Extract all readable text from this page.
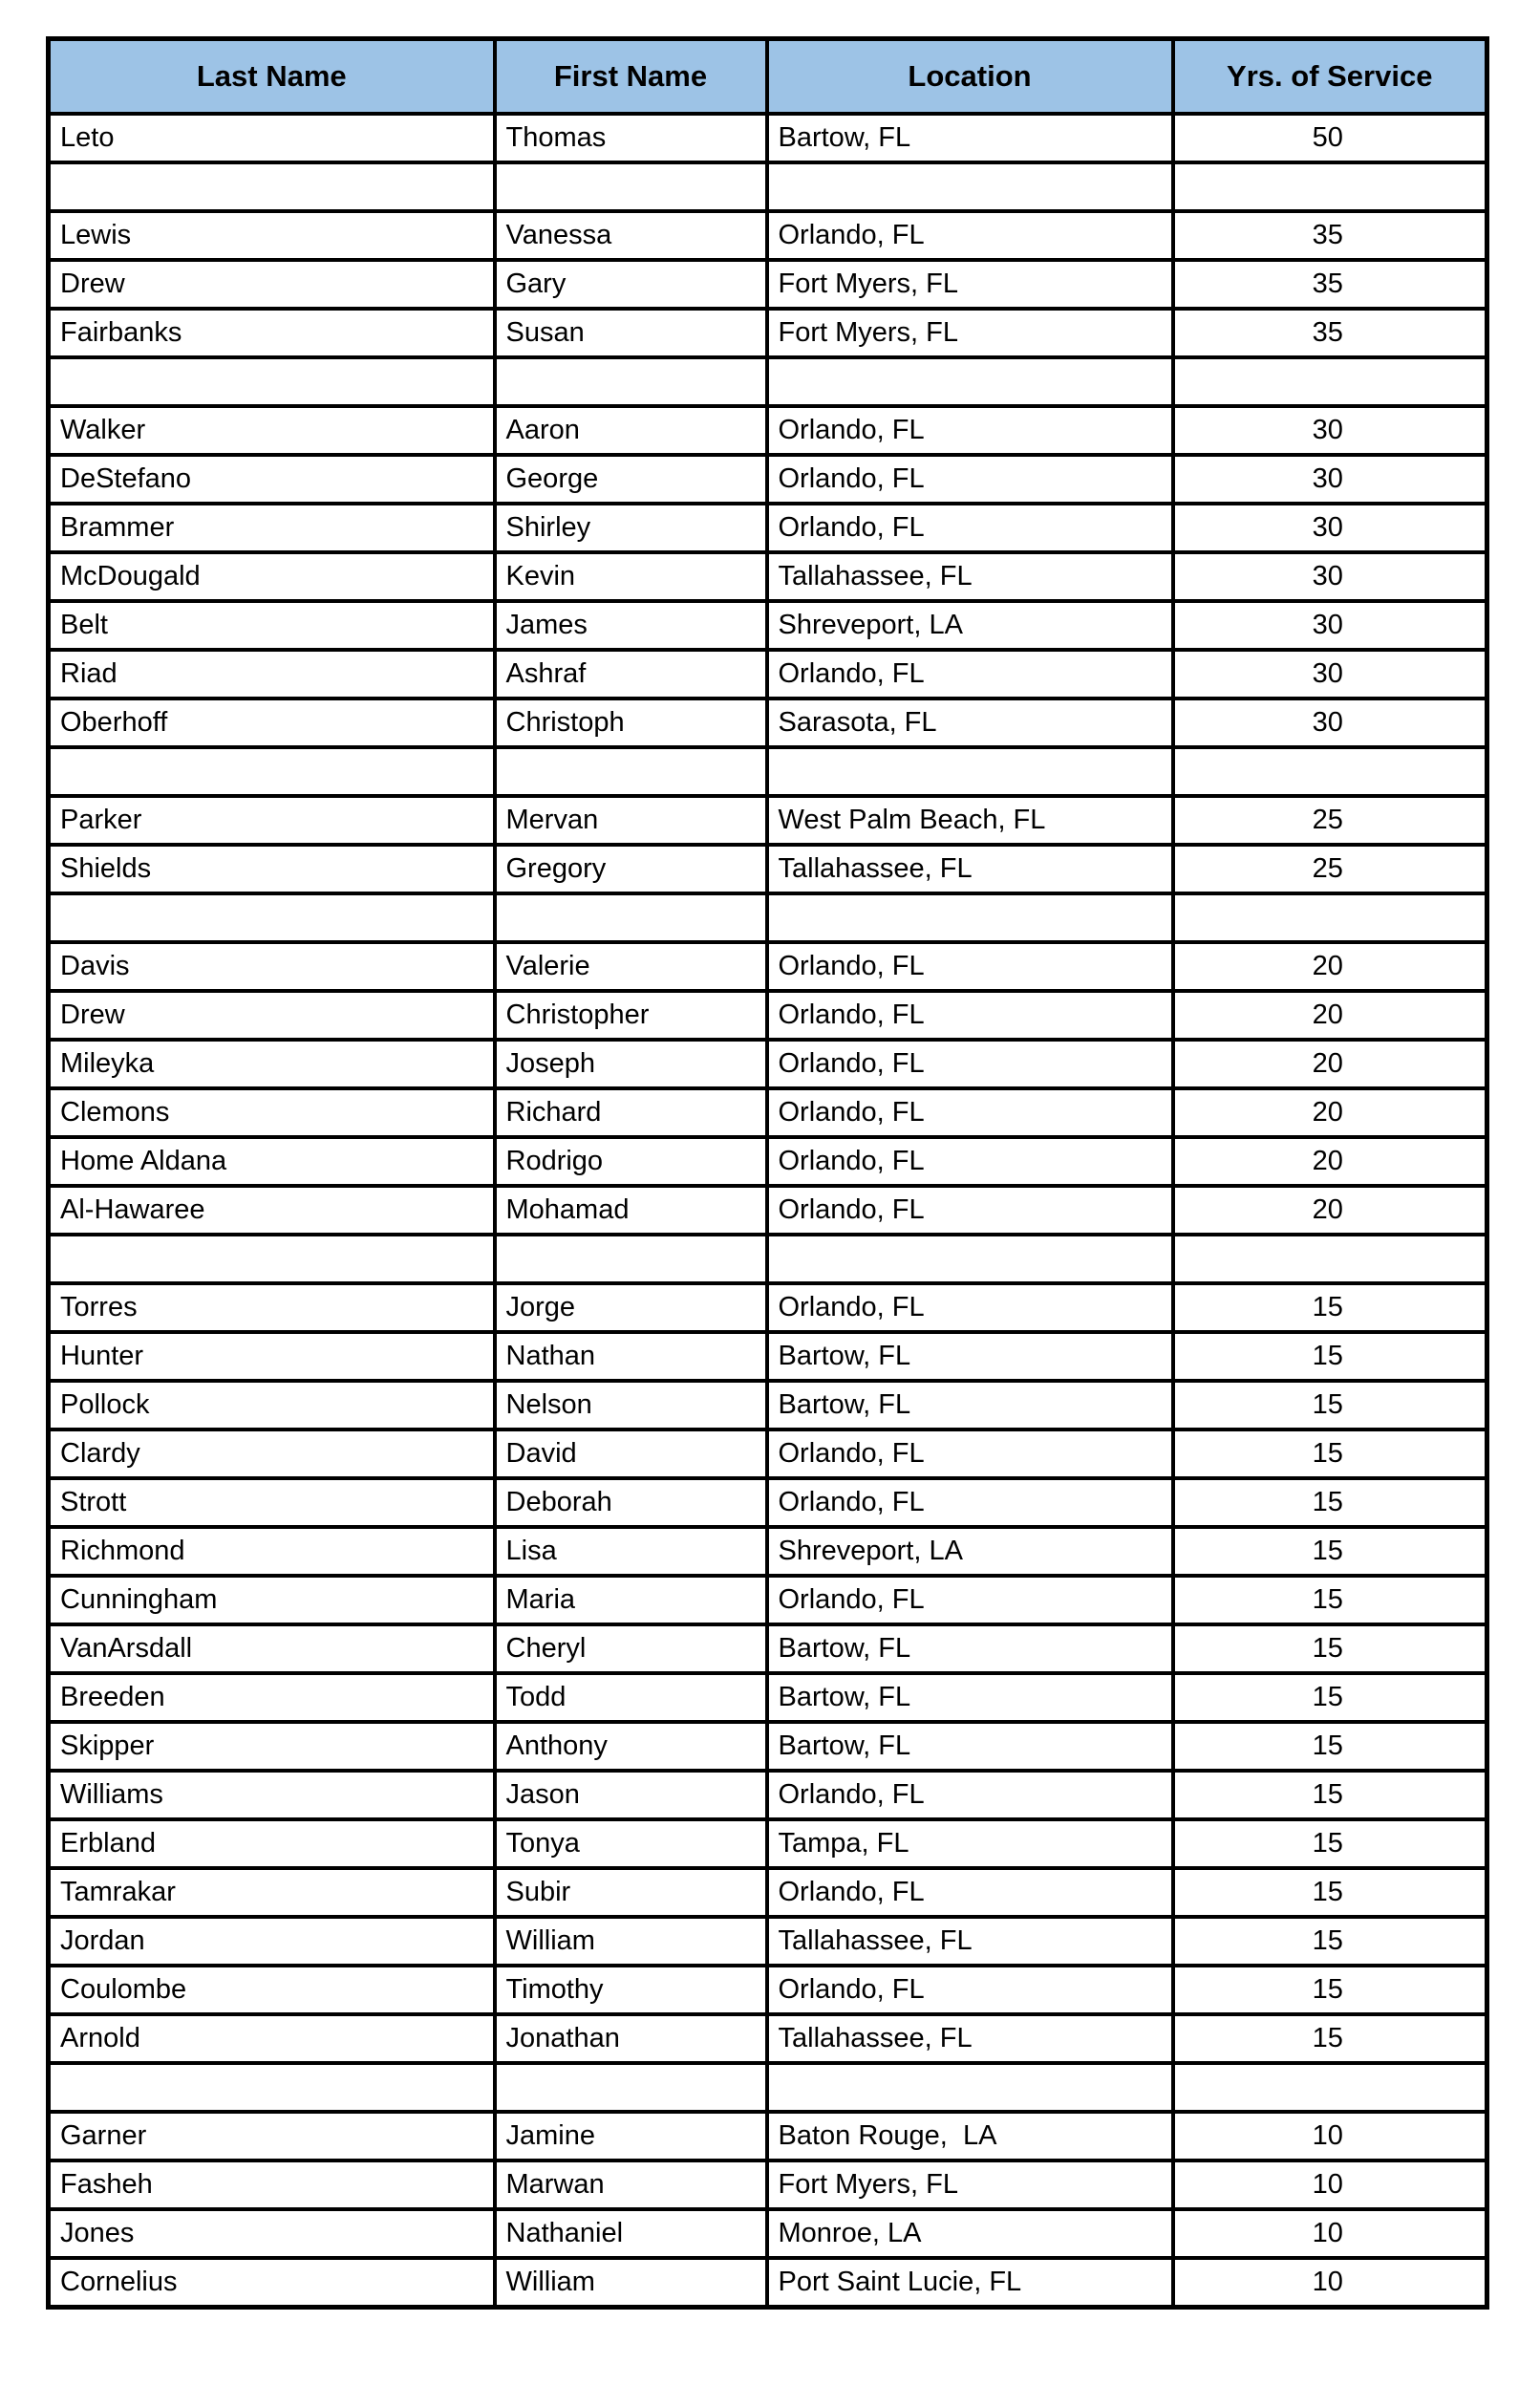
Last Name	First Name	Location	Yrs. of Service
Leto	Thomas	Bartow, FL	50

Lewis	Vanessa	Orlando, FL	35
Drew	Gary	Fort Myers, FL	35
Fairbanks	Susan	Fort Myers, FL	35

Walker	Aaron	Orlando, FL	30
DeStefano	George	Orlando, FL	30
Brammer	Shirley	Orlando, FL	30
McDougald	Kevin	Tallahassee, FL	30
Belt	James	Shreveport, LA	30
Riad	Ashraf	Orlando, FL	30
Oberhoff	Christoph	Sarasota, FL	30

Parker	Mervan	West Palm Beach, FL	25
Shields	Gregory	Tallahassee, FL	25

Davis	Valerie	Orlando, FL	20
Drew	Christopher	Orlando, FL	20
Mileyka	Joseph	Orlando, FL	20
Clemons	Richard	Orlando, FL	20
Home Aldana	Rodrigo	Orlando, FL	20
Al-Hawaree	Mohamad	Orlando, FL	20

Torres	Jorge	Orlando, FL	15
Hunter	Nathan	Bartow, FL	15
Pollock	Nelson	Bartow, FL	15
Clardy	David	Orlando, FL	15
Strott	Deborah	Orlando, FL	15
Richmond	Lisa	Shreveport, LA	15
Cunningham	Maria	Orlando, FL	15
VanArsdall	Cheryl	Bartow, FL	15
Breeden	Todd	Bartow, FL	15
Skipper	Anthony	Bartow, FL	15
Williams	Jason	Orlando, FL	15
Erbland	Tonya	Tampa, FL	15
Tamrakar	Subir	Orlando, FL	15
Jordan	William	Tallahassee, FL	15
Coulombe	Timothy	Orlando, FL	15
Arnold	Jonathan	Tallahassee, FL	15

Garner	Jamine	Baton Rouge,  LA	10
Fasheh	Marwan	Fort Myers, FL	10
Jones	Nathaniel	Monroe, LA	10
Cornelius	William	Port Saint Lucie, FL	10
